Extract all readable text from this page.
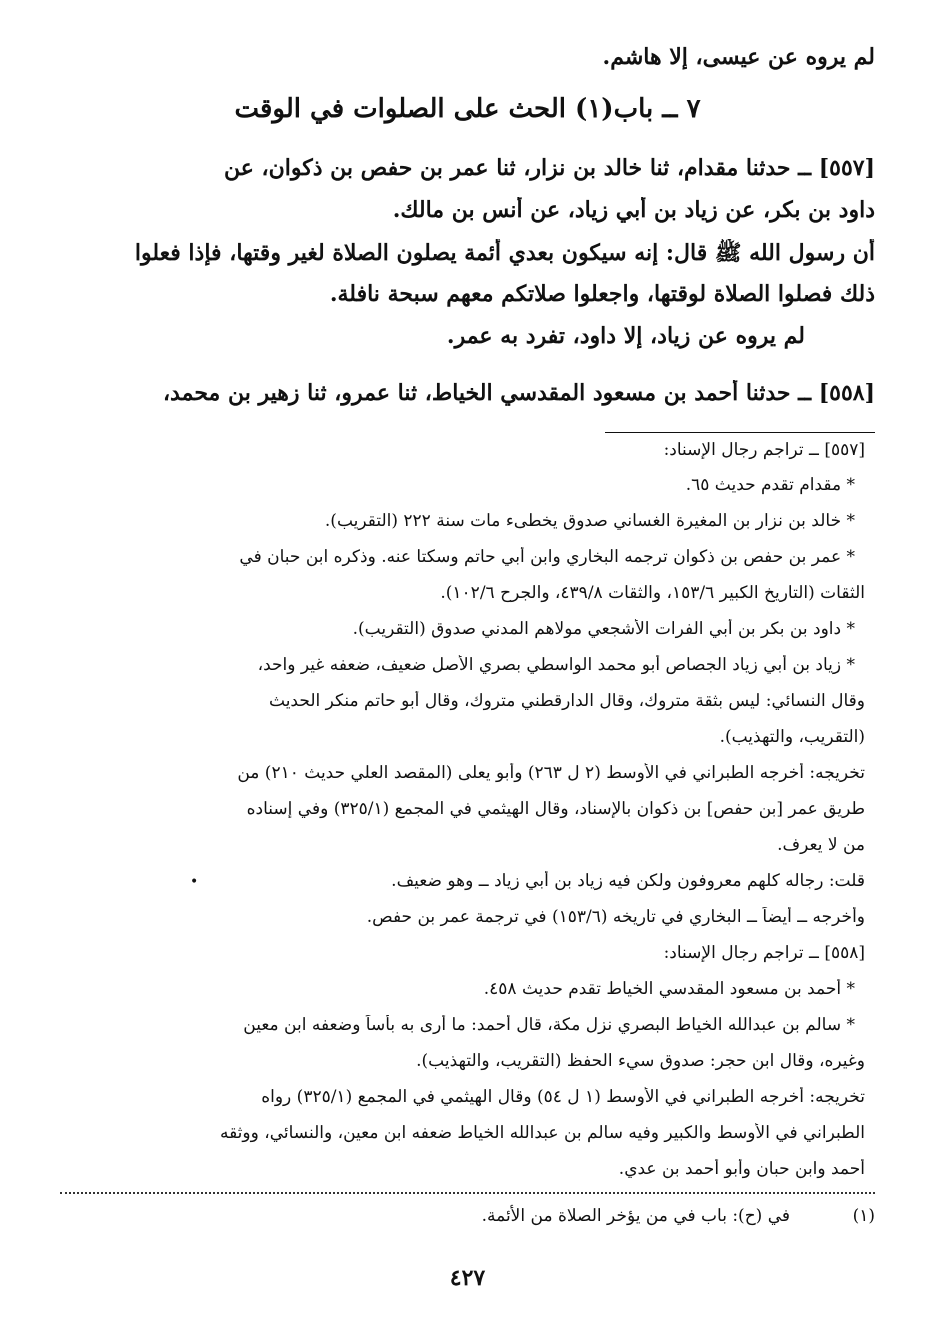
لم يروه عن عيسى، إلا هاشم.
٧ ــ باب(١) الحث على الصلوات في الوقت
[٥٥٧] ــ حدثنا مقدام، ثنا خالد بن نزار، ثنا عمر بن حفص بن ذكوان، عن
داود بن بكر، عن زياد بن أبي زياد، عن أنس بن مالك.
أن رسول الله ﷺ قال: إنه سيكون بعدي أئمة يصلون الصلاة لغير وقتها، فإذا فعلوا
ذلك فصلوا الصلاة لوقتها، واجعلوا صلاتكم معهم سبحة نافلة.
لم يروه عن زياد، إلا داود، تفرد به عمر.
[٥٥٨] ــ حدثنا أحمد بن مسعود المقدسي الخياط، ثنا عمرو، ثنا زهير بن محمد،
[٥٥٧] ــ تراجم رجال الإسناد:
* مقدام تقدم حديث ٦٥.
* خالد بن نزار بن المغيرة الغساني صدوق يخطىء مات سنة ٢٢٢ (التقريب).
* عمر بن حفص بن ذكوان ترجمه البخاري وابن أبي حاتم وسكتا عنه. وذكره ابن حبان في
الثقات (التاريخ الكبير ١٥٣/٦، والثقات ٤٣٩/٨، والجرح ١٠٢/٦).
* داود بن بكر بن أبي الفرات الأشجعي مولاهم المدني صدوق (التقريب).
* زياد بن أبي زياد الجصاص أبو محمد الواسطي بصري الأصل ضعيف، ضعفه غير واحد،
وقال النسائي: ليس بثقة متروك، وقال الدارقطني متروك، وقال أبو حاتم منكر الحديث
(التقريب، والتهذيب).
تخريجه: أخرجه الطبراني في الأوسط (٢ ل ٢٦٣) وأبو يعلى (المقصد العلي حديث ٢١٠) من
طريق عمر [بن حفص] بن ذكوان بالإسناد، وقال الهيثمي في المجمع (٣٢٥/١) وفي إسناده
من لا يعرف.
قلت: رجاله كلهم معروفون ولكن فيه زياد بن أبي زياد ــ وهو ضعيف.
•
وأخرجه ــ أيضاً ــ البخاري في تاريخه (١٥٣/٦) في ترجمة عمر بن حفص.
[٥٥٨] ــ تراجم رجال الإسناد:
* أحمد بن مسعود المقدسي الخياط تقدم حديث ٤٥٨.
* سالم بن عبدالله الخياط البصري نزل مكة، قال أحمد: ما أرى به بأساً وضعفه ابن معين
وغيره، وقال ابن حجر: صدوق سيء الحفظ (التقريب، والتهذيب).
تخريجه: أخرجه الطبراني في الأوسط (١ ل ٥٤) وقال الهيثمي في المجمع (٣٢٥/١) رواه
الطبراني في الأوسط والكبير وفيه سالم بن عبدالله الخياط ضعفه ابن معين، والنسائي، ووثقه
أحمد وابن حبان وأبو أحمد بن عدي.
(١)
في (ح): باب في من يؤخر الصلاة من الأئمة.
٤٢٧
